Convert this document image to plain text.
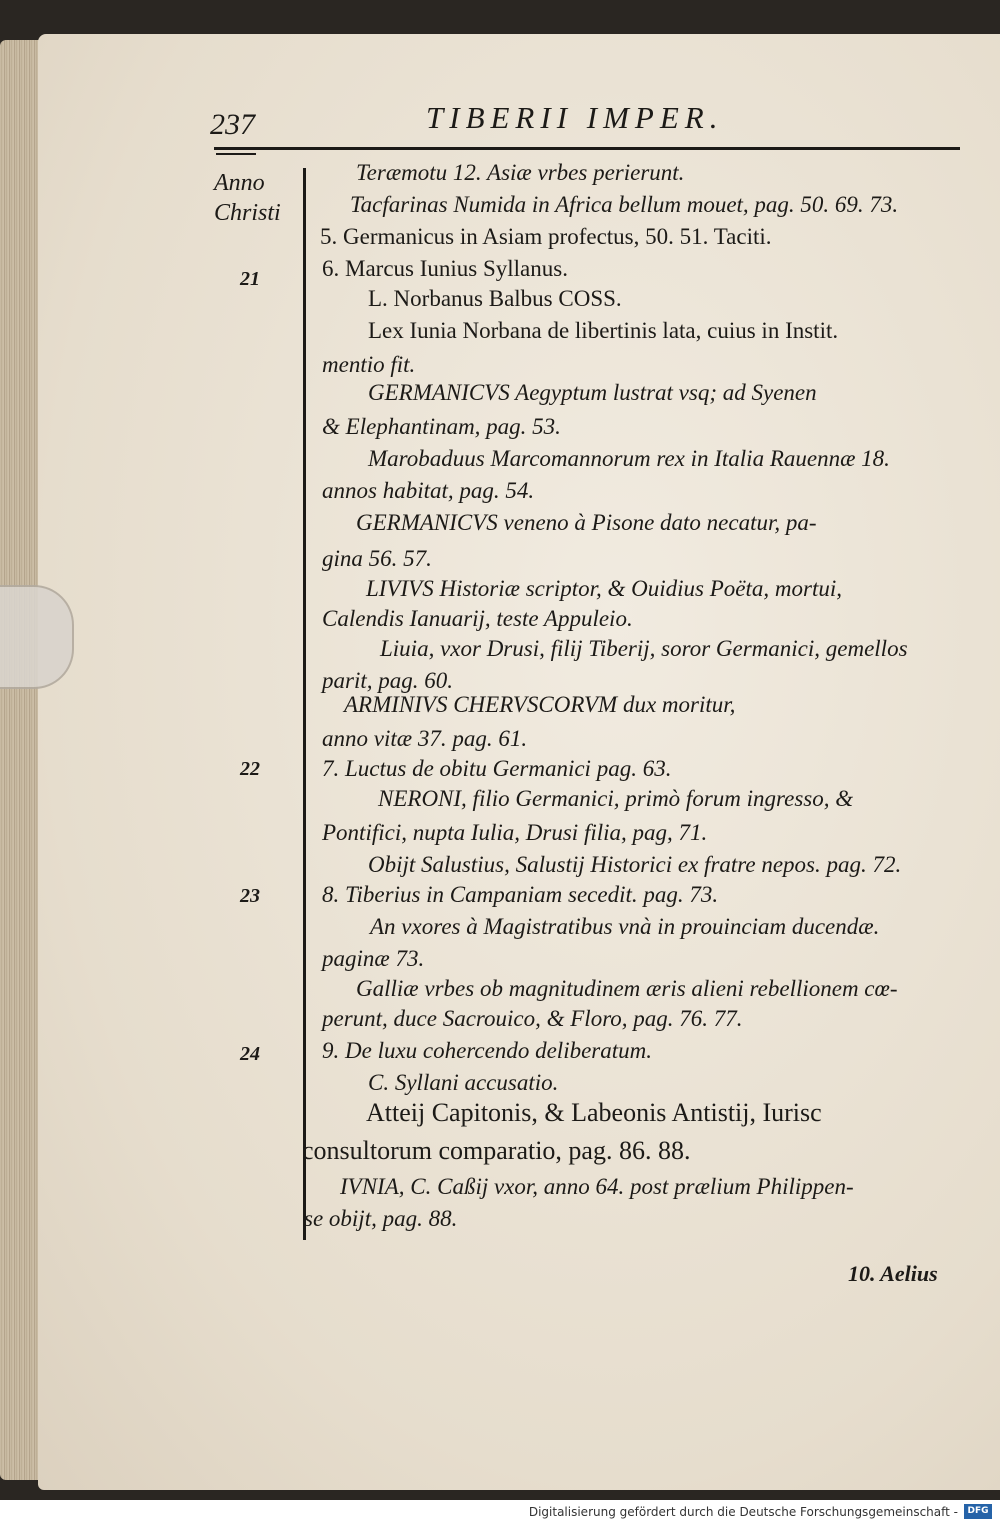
237	TIBERII IMPER.
Anno
Christi
21
22
23
24
Teræmotu 12. Asiæ vrbes perierunt.
Tacfarinas Numida in Africa bellum mouet, pag. 50. 69. 73.
5. Germanicus in Asiam profectus, 50. 51. Taciti.
6. Marcus Iunius Syllanus.
L. Norbanus Balbus COSS.
Lex Iunia Norbana de libertinis lata, cuius in Instit.
mentio fit.
GERMANICVS Aegyptum lustrat vsq; ad Syenen
& Elephantinam, pag. 53.
Marobaduus Marcomannorum rex in Italia Rauennæ 18.
annos habitat, pag. 54.
GERMANICVS veneno à Pisone dato necatur, pa-
gina 56. 57.
LIVIVS Historiæ scriptor, & Ouidius Poëta, mortui,
Calendis Ianuarij, teste Appuleio.
Liuia, vxor Drusi, filij Tiberij, soror Germanici, gemellos
parit, pag. 60.
ARMINIVS CHERVSCORVM dux moritur,
anno vitæ 37. pag. 61.
7. Luctus de obitu Germanici pag. 63.
NERONI, filio Germanici, primò forum ingresso, &
Pontifici, nupta Iulia, Drusi filia, pag, 71.
Obijt Salustius, Salustij Historici ex fratre nepos. pag. 72.
8. Tiberius in Campaniam secedit. pag. 73.
An vxores à Magistratibus vnà in prouinciam ducendæ.
paginæ 73.
Galliæ vrbes ob magnitudinem æris alieni rebellionem cœ-
perunt, duce Sacrouico, & Floro, pag. 76. 77.
9. De luxu cohercendo deliberatum.
C. Syllani accusatio.
Atteij Capitonis, & Labeonis Antistij, Iurisc
consultorum comparatio, pag. 86. 88.
IVNIA, C. Caßij vxor, anno 64. post prælium Philippen-
se obijt, pag. 88.
10. Aelius
Digitalisierung gefördert durch die Deutsche Forschungsgemeinschaft -	DFG
